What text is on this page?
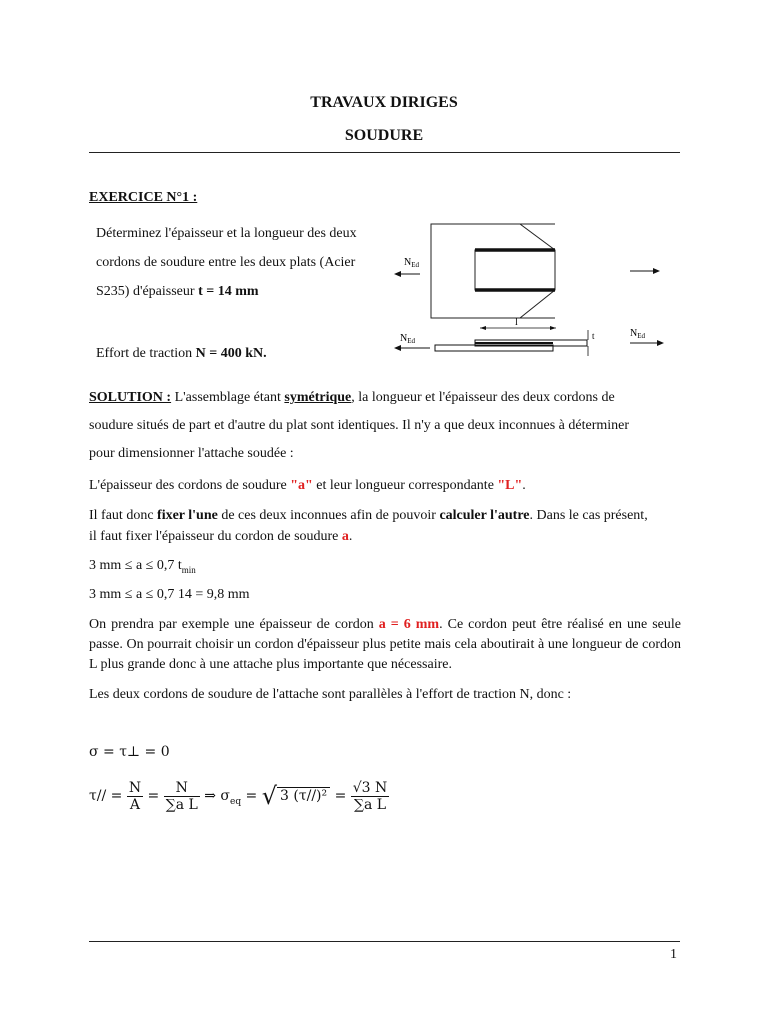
TRAVAUX DIRIGES
SOUDURE
EXERCICE N°1 :
Déterminez l'épaisseur et la longueur des deux
cordons de soudure entre les deux plats (Acier
S235) d'épaisseur t = 14 mm
Effort de traction N = 400 kN.
$N_{Ed}$
l
t
$N_{Ed}$
$N_{Ed}$
SOLUTION : L'assemblage étant symétrique, la longueur et l'épaisseur des deux cordons de
soudure situés de part et d'autre du plat sont identiques. Il n'y a que deux inconnues à déterminer
pour dimensionner l'attache soudée :
L'épaisseur des cordons de soudure "a" et leur longueur correspondante "L".
Il faut donc fixer l'une de ces deux inconnues afin de pouvoir calculer l'autre. Dans le cas présent,
il faut fixer l'épaisseur du cordon de soudure a.
3 mm ≤ a ≤ 0,7 $t_{min}$
3 mm ≤ a ≤ 0,7 14 = 9,8 mm
On prendra par exemple une épaisseur de cordon a = 6 mm. Ce cordon peut être réalisé en une seule passe. On pourrait choisir un cordon d'épaisseur plus petite mais cela aboutirait à une longueur de cordon L plus grande donc à une attache plus importante que nécessaire.
Les deux cordons de soudure de l'attache sont parallèles à l'effort de traction N, donc :
σ = τ⊥ = 0
$\tau// = \frac{N}{A} = \frac{N}{\text{∑a L}}$ ⇒ $\sigma_{eq}$ = √ 3 $(\tau//)^2 = \frac{√3 N}{\text{∑a L}}$
1
